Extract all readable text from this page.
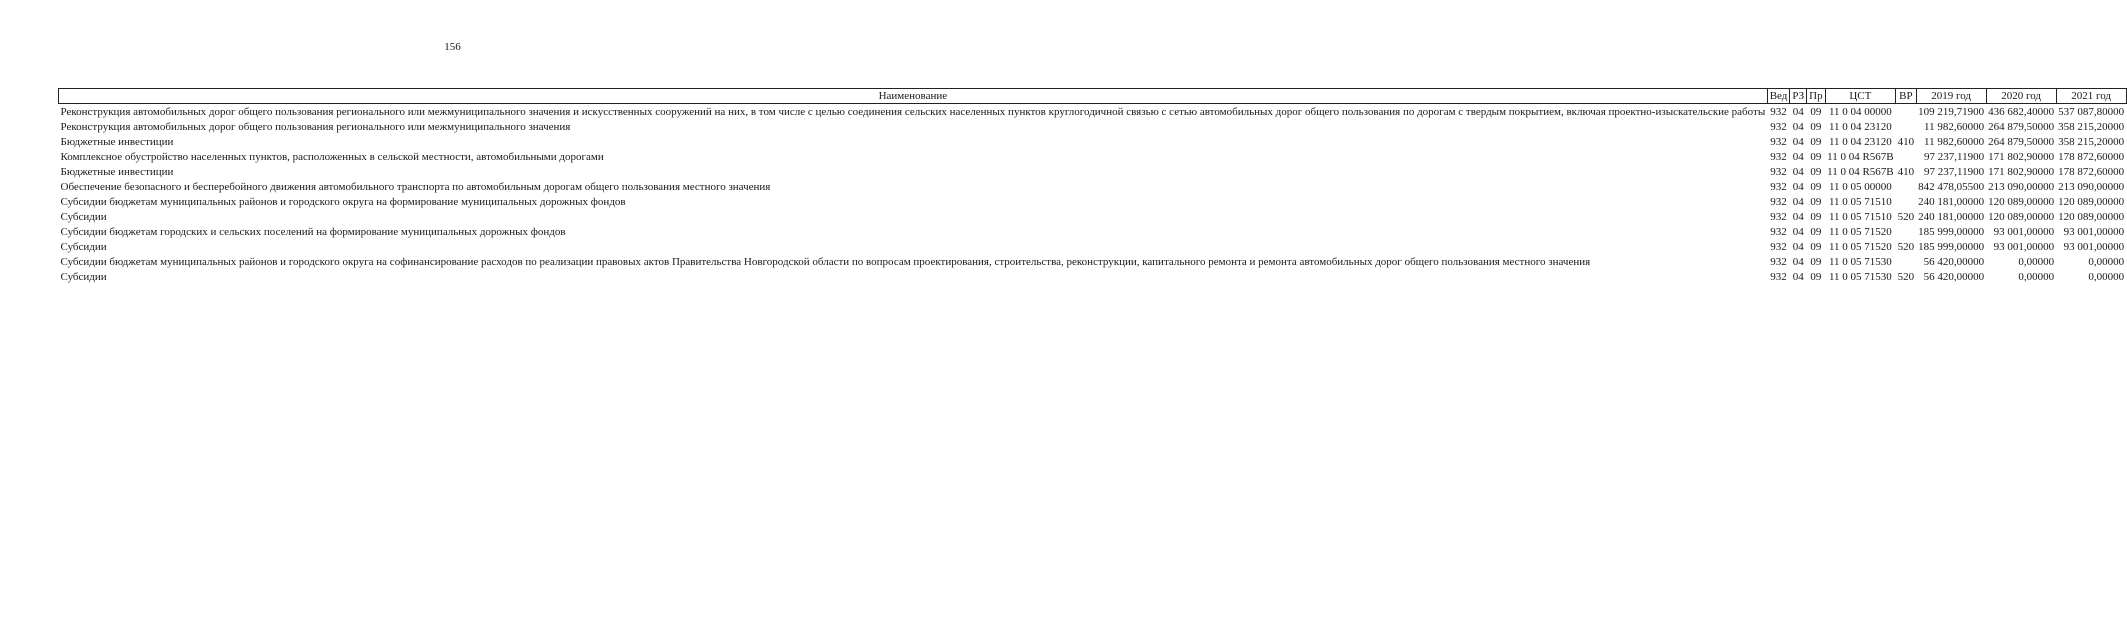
156
Наименование	Вед	РЗ	Пр	ЦСТ	ВР	2019 год	2020 год	2021 год
Реконструкция автомобильных дорог общего пользования регионального или межмуниципального значения и искусственных сооружений на них, в том числе с целью соединения сельских населенных пунктов круглогодичной связью с сетью автомобильных дорог общего пользования по дорогам с твердым покрытием, включая проектно-изыскательские работы	932	04	09	11 0 04 00000		109 219,71900	436 682,40000	537 087,80000
Реконструкция автомобильных дорог общего пользования регионального или межмуниципального значения	932	04	09	11 0 04 23120		11 982,60000	264 879,50000	358 215,20000
Бюджетные инвестиции	932	04	09	11 0 04 23120	410	11 982,60000	264 879,50000	358 215,20000
Комплексное обустройство населенных пунктов, расположенных в сельской местности, автомобильными дорогами	932	04	09	11 0 04 R567B		97 237,11900	171 802,90000	178 872,60000
Бюджетные инвестиции	932	04	09	11 0 04 R567B	410	97 237,11900	171 802,90000	178 872,60000
Обеспечение безопасного и бесперебойного движения автомобильного транспорта по автомобильным дорогам общего пользования местного значения	932	04	09	11 0 05 00000		842 478,05500	213 090,00000	213 090,00000
Субсидии бюджетам муниципальных районов и городского округа на формирование муниципальных дорожных фондов	932	04	09	11 0 05 71510		240 181,00000	120 089,00000	120 089,00000
Субсидии	932	04	09	11 0 05 71510	520	240 181,00000	120 089,00000	120 089,00000
Субсидии бюджетам городских и сельских поселений на формирование муниципальных дорожных фондов	932	04	09	11 0 05 71520		185 999,00000	93 001,00000	93 001,00000
Субсидии	932	04	09	11 0 05 71520	520	185 999,00000	93 001,00000	93 001,00000
Субсидии бюджетам муниципальных районов и городского округа на софинансирование расходов по реализации правовых актов Правительства Новгородской области по вопросам проектирования, строительства, реконструкции, капитального ремонта и ремонта автомобильных дорог общего пользования местного значения	932	04	09	11 0 05 71530		56 420,00000	0,00000	0,00000
Субсидии	932	04	09	11 0 05 71530	520	56 420,00000	0,00000	0,00000
